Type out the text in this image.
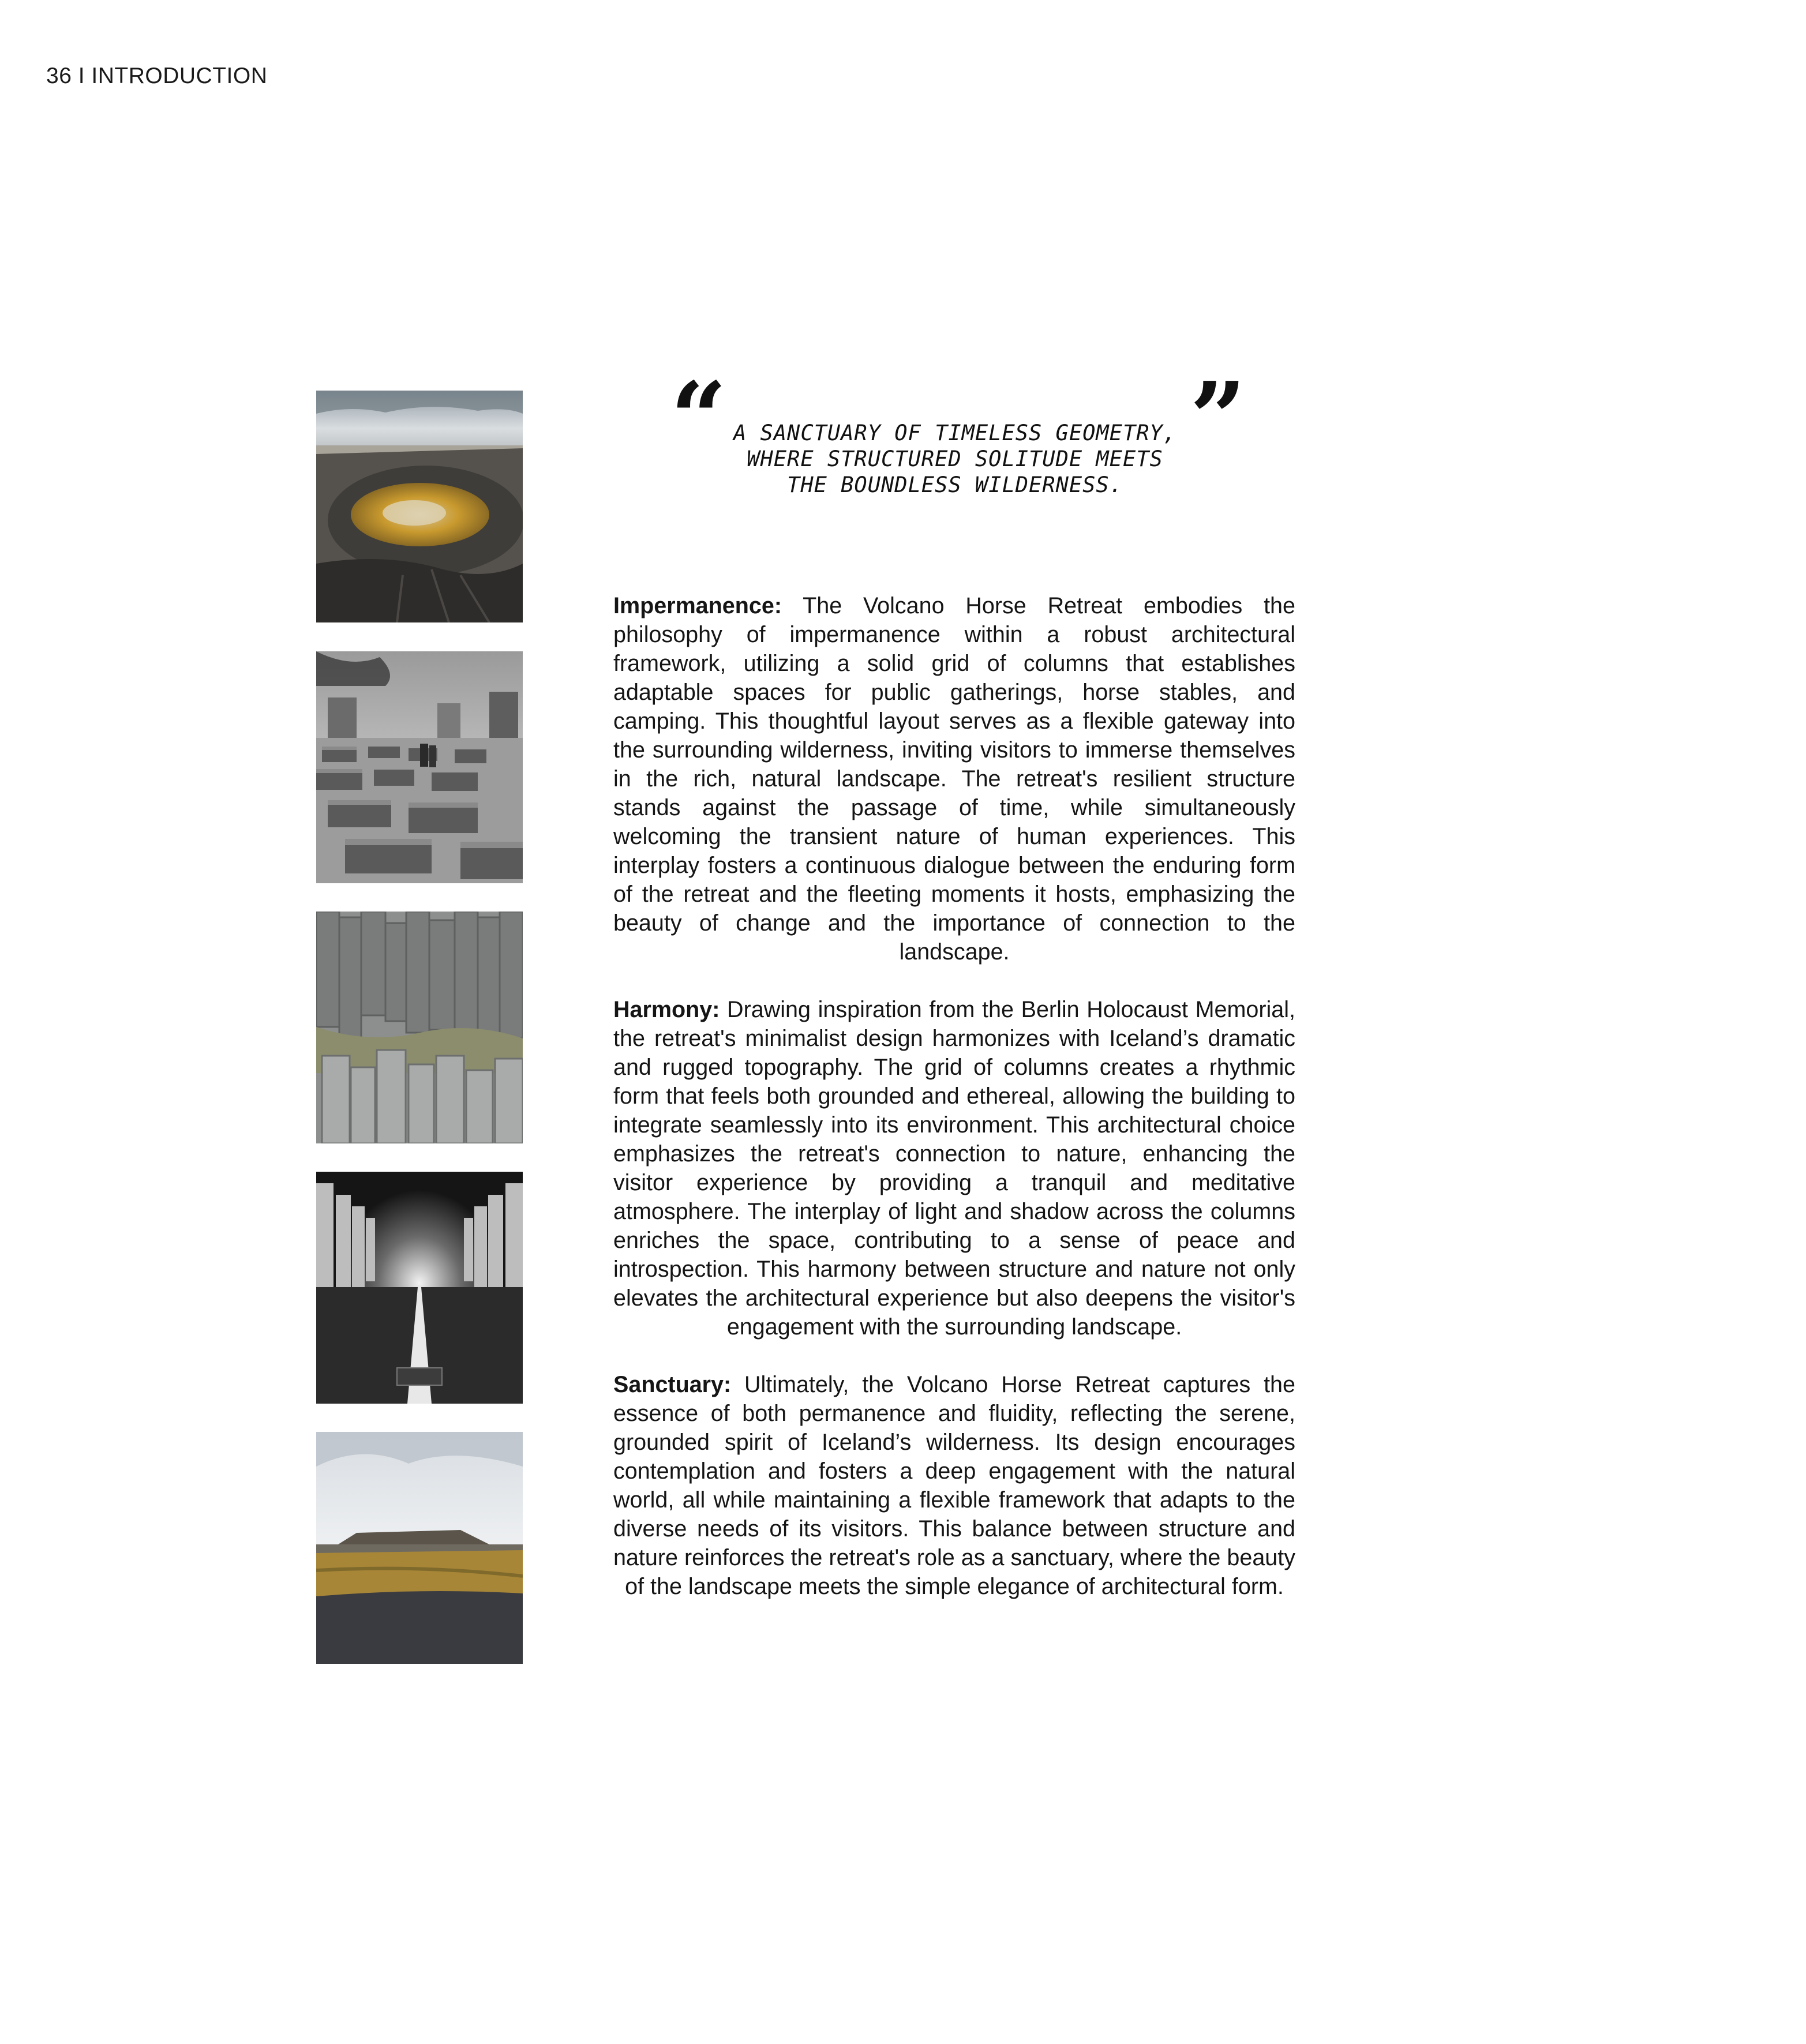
36 I INTRODUCTION
“	”
A SANCTUARY OF TIMELESS GEOMETRY, WHERE STRUCTURED SOLITUDE MEETS THE BOUNDLESS WILDERNESS.

Impermanence: The Volcano Horse Retreat embodies the philosophy of impermanence within a robust architectural framework, utilizing a solid grid of columns that establishes adaptable spaces for public gatherings, horse stables, and camping. This thoughtful layout serves as a flexible gateway into the surrounding wilderness, inviting visitors to immerse themselves in the rich, natural landscape. The retreat's resilient structure stands against the passage of time, while simultaneously welcoming the transient nature of human experiences. This interplay fosters a continuous dialogue between the enduring form of the retreat and the fleeting moments it hosts, emphasizing the beauty of change and the importance of connection to the landscape.

Harmony: Drawing inspiration from the Berlin Holocaust Memorial, the retreat's minimalist design harmonizes with Iceland’s dramatic and rugged topography. The grid of columns creates a rhythmic form that feels both grounded and ethereal, allowing the building to integrate seamlessly into its environment. This architectural choice emphasizes the retreat's connection to nature, enhancing the visitor experience by providing a tranquil and meditative atmosphere. The interplay of light and shadow across the columns enriches the space, contributing to a sense of peace and introspection. This harmony between structure and nature not only elevates the architectural experience but also deepens the visitor's engagement with the surrounding landscape.

Sanctuary: Ultimately, the Volcano Horse Retreat captures the essence of both permanence and fluidity, reflecting the serene, grounded spirit of Iceland’s wilderness. Its design encourages contemplation and fosters a deep engagement with the natural world, all while maintaining a flexible framework that adapts to the diverse needs of its visitors. This balance between structure and nature reinforces the retreat's role as a sanctuary, where the beauty of the landscape meets the simple elegance of architectural form.
